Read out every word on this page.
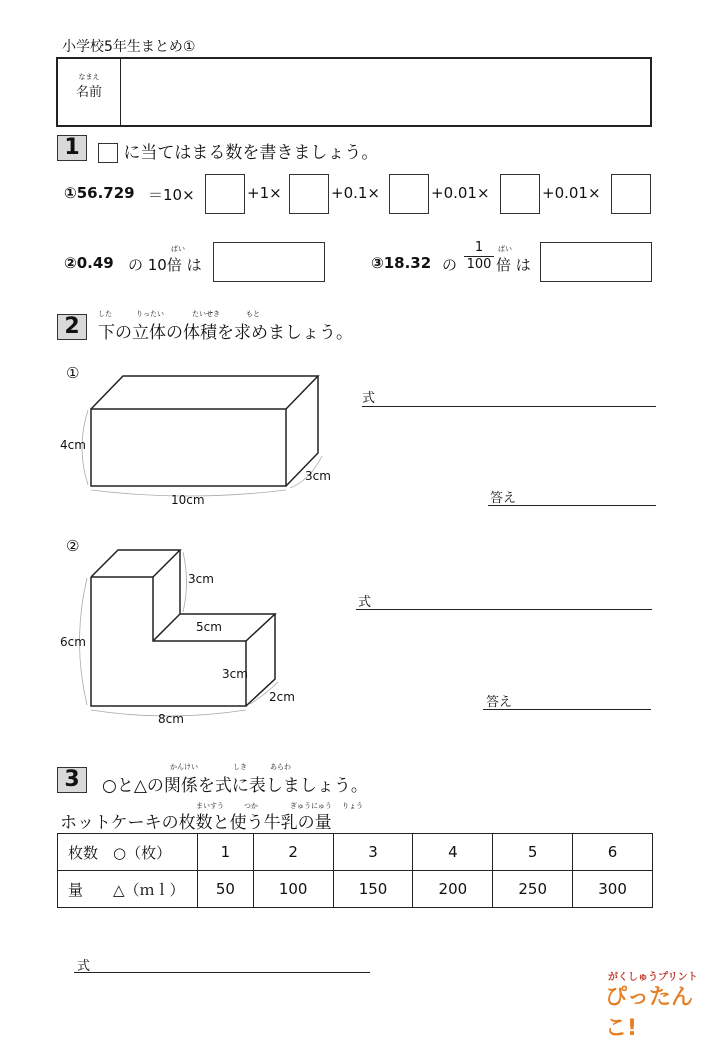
小学校5年生まとめ①
なまえ
名前
1	に当てはまる数を書きましょう。
①56.729 ＝10×	+1×	+0.1×	+0.01×	+0.01×
②0.49
ばい
の 10倍 は	③18.32 の $\frac{1}{100}$ ばい
倍 は
2	した	りったい	たいせき	もと
下の立体の体積を求めましょう。
①
4cm
10cm
3cm
式
答え
②
3cm
5cm
3cm
2cm
6cm
8cm
式
答え
3	かんけい	しき	あらわ
○と△の関係を式に表しましょう。
まいすう	つか	ぎゅうにゅう りょう
ホットケーキの枚数と使う牛乳の量
枚数　○（枚）	1	2	3	4	5	6
量　　△（ｍｌ）	50	100	150	200	250	300
式
がくしゅうプリント
ぴったんこ!
